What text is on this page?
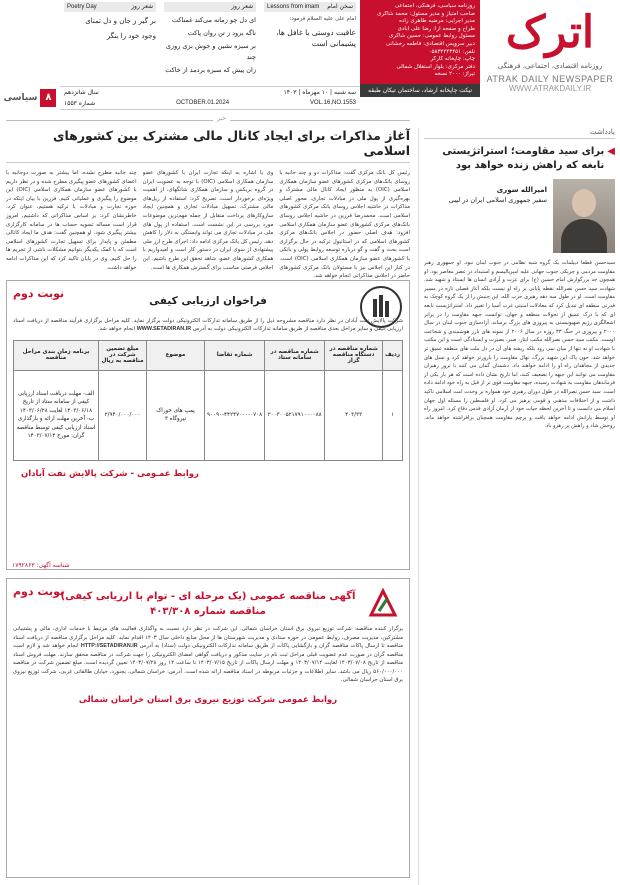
اترک
روزنامه اقتصادی، اجتماعی، فرهنگی
ATRAK DAILY NEWSPAPER
WWW.ATRAKDAILY.IR
روزنامه سیاسی، فرهنگی، اجتماعی
صاحب امتیاز و مدیر مسئول: محمد شاکری
مدیر اجرایی: مرضیه طاهری زاده
طراح و صفحه آرا: رضا علی آبادی
مسئول روابط عمومی: حسین شاکری
دبیر سرویس اقتصادی: فاطمه رخشانی
تلفن: ۰۵۸۳۲۲۴۳۴۵۱
چاپ: چاپخانه کارگر
دفتر مرکزی: بلوار استقلال شمالی
تیراژ: ۲۰۰۰ نسخه
تیکت چاپخانه ارشاد، ساختمان تیکان طبقه چهارم
سخن امام
Lessons from imam
امام علی علیه السلام فرمود:
عاقبت دوستی با غافل ها، پشیمانی است
شعر روز
ای دل چو زمانه می‌کند غمناکت
ناگه برود ز تن روان پاکت
بر سبزه نشین و خوش بزی روزی چند
زان پیش که سبزه بردمد از خاکت
شعر روز
Poetry Day
بر گیر ز جان و دل تمنای
وجود خود را بنگر
سه شنبه | ۱۰ مهرماه | ۱۴۰۳
سال شانزدهم
VOL.16,NO.1553
OCTOBER.01.2024
شماره ۱۵۵۳
۸
سیاسی
خبر
یادداشت
◀
برای سید مقاومت؛ استراتژیستی نابغه که راهش زنده خواهد بود
امیرالله سوری
سفیر جمهوری اسلامی ایران در لیبی
سیدحسن قطعا دیپلمات یک گروه شبه نظامی در جنوب لبنان نبود. او جمهوری رهبر مقاومت مردمی و چریکی جنوب جهانی علیه امپریالیسم و استبداد در عصر معاصر بود. او همچون جد بزرگوارش امام حسین (ع) برای عزت و آزادی انسان ها ایستاد و شهید شد. شهادت سید حسن نصرالله نقطه پایانی بر راه او نیست بلکه آغاز فصلی تازه در مسیر مقاومت است. او در طول سه دهه رهبری حزب الله، این جنبش را از یک گروه کوچک به قدرتی منطقه ای تبدیل کرد که معادلات امنیتی غرب آسیا را تغییر داد. استراتژیست نابغه ای که با درک عمیق از تحولات منطقه و جهان، توانست جبهه مقاومت را در برابر اشغالگری رژیم صهیونیستی به پیروزی های بزرگ برساند. آزادسازی جنوب لبنان در سال ۲۰۰۰ و پیروزی در جنگ ۳۳ روزه در سال ۲۰۰۶ از نمونه های بارز هوشمندی و شجاعت اوست. مکتب سید حسن نصرالله مکتب ایثار، صبر، بصیرت و ایستادگی است و این مکتب با شهادت او نه تنها از میان نمی رود بلکه ریشه های آن در دل ملت های منطقه عمیق تر خواهد شد. خون پاک این شهید بزرگ، نهال مقاومت را بارورتر خواهد کرد و نسل های جدیدی از مجاهدان راه او را ادامه خواهند داد. دشمنان گمان می کنند با ترور رهبران مقاومت می توانند این جبهه را تضعیف کنند، اما تاریخ نشان داده است که هر بار یکی از فرماندهان مقاومت به شهادت رسیده، جبهه مقاومت قوی تر از قبل به راه خود ادامه داده است. سید حسن نصرالله در طول دوران رهبری خود همواره بر وحدت امت اسلامی تاکید داشت و از اختلافات مذهبی و قومی پرهیز می کرد. او فلسطین را مسئله اول جهان اسلام می دانست و تا آخرین لحظه حیات خود از آرمان آزادی قدس دفاع کرد. امروز راه او توسط یارانش ادامه خواهد یافت و پرچم مقاومت همچنان برافراشته خواهد ماند. روحش شاد و راهش پر رهرو باد.
آغاز مذاکرات برای ایجاد کانال مالی مشترک بین کشورهای اسلامی
رئیس کل بانک مرکزی گفت: مذاکرات دو و چند جانبه با روسای بانک‌های مرکزی کشورهای عضو سازمان همکاری اسلامی (OIC) به منظور ایجاد کانال مالی مشترک و بهره‌گیری از پول ملی در مبادلات تجاری، محور اصلی مذاکرات در حاشیه اجلاس روسای بانک مرکزی کشورهای اسلامی است. محمدرضا فرزین در حاشیه اجلاس روسای بانک‌های مرکزی کشورهای عضو سازمان همکاری اسلامی افزود: هدف اصلی حضور در اجلاس بانک‌های مرکزی کشورهای اسلامی که در استانبول ترکیه در حال برگزاری است بحث و گفت و گو درباره توسعه روابط پولی و بانکی با کشورهای عضو سازمان همکاری اسلامی (OIC) است. در کنار این اجلاس نیز با مسئولان بانک مرکزی کشورهای حاضر در اجلاس مذاکراتی انجام خواهد شد.
وی با اشاره به اینکه تجارت ایران با کشورهای عضو سازمان همکاری اسلامی (OIC) با توجه به عضویت ایران در گروه بریکس و سازمان همکاری شانگهای، از اهمیت ویژه‌ای برخوردار است، تصریح کرد: استفاده از ریل‌های مالی مشترک، تسهیل مبادلات تجاری و همچنین ایجاد سازوکارهای پرداخت متقابل از جمله مهم‌ترین موضوعات مورد بررسی در این نشست است. استفاده از پول های ملی در مبادلات تجاری می تواند وابستگی به دلار را کاهش دهد. رئیس کل بانک مرکزی ادامه داد: اجرای طرح ارز ملی پیشنهادی از سوی ایران در دستور کار است و امیدواریم با همکاری کشورهای عضو، شاهد تحقق این طرح باشیم. این اجلاس فرصتی مناسب برای گسترش همکاری ها است.
چند جانبه مطرح نشده، اما بیشتر به صورت دوجانبه با اعضای کشورهای عضو پیگیری مطرح شده و در نظر داریم با کشورهای عضو سازمان همکاری اسلامی (OIC) این موضوع را پیگیری و عملیاتی کنیم. فرزین با بیان اینکه در حوزه تجارت و مبادلات با ترکیه هستیم، عنوان کرد: خاطرنشان کرد: بر اساس مذاکراتی که داشتیم، امروز قرار است مساله تسویه حساب ها در سامانه کارگزاری بیشتر پیگیری شود. او همچنین گفت: هدف ما ایجاد کانالی مطمئن و پایدار برای تسهیل تجارت کشورهای اسلامی است که با کمک یکدیگر بتوانیم مشکلات ناشی از تحریم ها را حل کنیم. وی در پایان تاکید کرد که این مذاکرات ادامه خواهد داشت.
نوبت دوم
فراخوان ارزیابی کیفی
شرکت پالایش نفت آبادان در نظر دارد مناقصه مشروحه ذیل را از طریق سامانه تدارکات الکترونیکی دولت برگزار نماید. کلیه مراحل برگزاری فرآیند مناقصه از دریافت اسناد ارزیابی کیفی و سایر مراحل بعدی مناقصه از طریق سامانه تدارکات الکترونیکی دولت به آدرس WWW.SETADIRAN.IR انجام خواهد شد.
ردیف	شماره مناقصه در دستگاه مناقصه گزار	شماره مناقصه در سامانه ستاد	شماره تقاضا	موضوع	مبلغ تضمین شرکت در مناقصه به ریال	برنامه زمان بندی مراحل مناقصه
۱	۴۰۳/۳۳	۲۰۰۳۰۰۵۲۱۷۹۱۰۰۰۰۸۸	۹۰۰۹۰-۴۴۲۴۷۰۰۰-۰۷۰۸	پمپ های خوراک نیروگاه ۳	۲/۹۴۰/۰۰۰/۰۰۰	الف- مهلت دریافت اسناد ارزیابی کیفی از سامانه ستاد از تاریخ ۱۴۰۳/۰۶/۱۸ لغایت ۱۴۰۳/۰۶/۲۸ ب- آخرین مهلت ارائه و بارگذاری اسناد ارزیابی کیفی توسط مناقصه گران: مورخ ۱۴۰۳/۰۷/۱۴
روابط عمـومی - شرکت پالایش نفت آبادان
شناسه آگهی: ۱۷۹۲۸۶۳
نوبت دوم
آگهی مناقصه عمومی (یک مرحله ای - توام با ارزیابی کیفی)
مناقصه شماره ۴۰۳/۳۰۸
برگزار کننده مناقصه: شرکت توزیع نیروی برق استان خراسان شمالی. این شرکت در نظر دارد نسبت به واگذاری فعالیت های مرتبط با خدمات اداری، مالی و پشتیبانی مشترکین، مدیریت مصرف، روابط عمومی در حوزه ستادی و مدیریت شهرستان ها از محل منابع داخلی سال ۱۴۰۳ اقدام نماید. کلیه مراحل برگزاری مناقصه از دریافت اسناد مناقصه تا ارسال پاکات مناقصه گران و بازگشایی پاکات از طریق سامانه تدارکات الکترونیکی دولت (ستاد) به آدرس HTTP://SETADIRAN.IR انجام خواهد شد و لازم است مناقصه گران در صورت عدم عضویت قبلی مراحل ثبت نام در سایت مذکور و دریافت گواهی امضای الکترونیکی را جهت شرکت در مناقصه محقق سازند. مهلت فروش اسناد مناقصه از تاریخ ۱۴۰۳/۰۷/۰۸ لغایت ۱۴۰۳/۰۷/۱۴ و مهلت ارسال پاکات از تاریخ ۱۴۰۳/۰۷/۱۵ تا ساعت ۱۲ روز ۱۴۰۳/۰۷/۲۸ تعیین گردیده است. مبلغ تضمین شرکت در مناقصه ۵۶۰/۰۰۰/۰۰۰ ریال می باشد. سایر اطلاعات و جزئیات مربوطه در اسناد مناقصه ارائه شده است. آدرس: خراسان شمالی، بجنورد، خیابان طالقانی غربی، شرکت توزیع نیروی برق استان خراسان شمالی.
روابط عمومی شرکت توزیع نیروی برق استان خراسان شمالی
